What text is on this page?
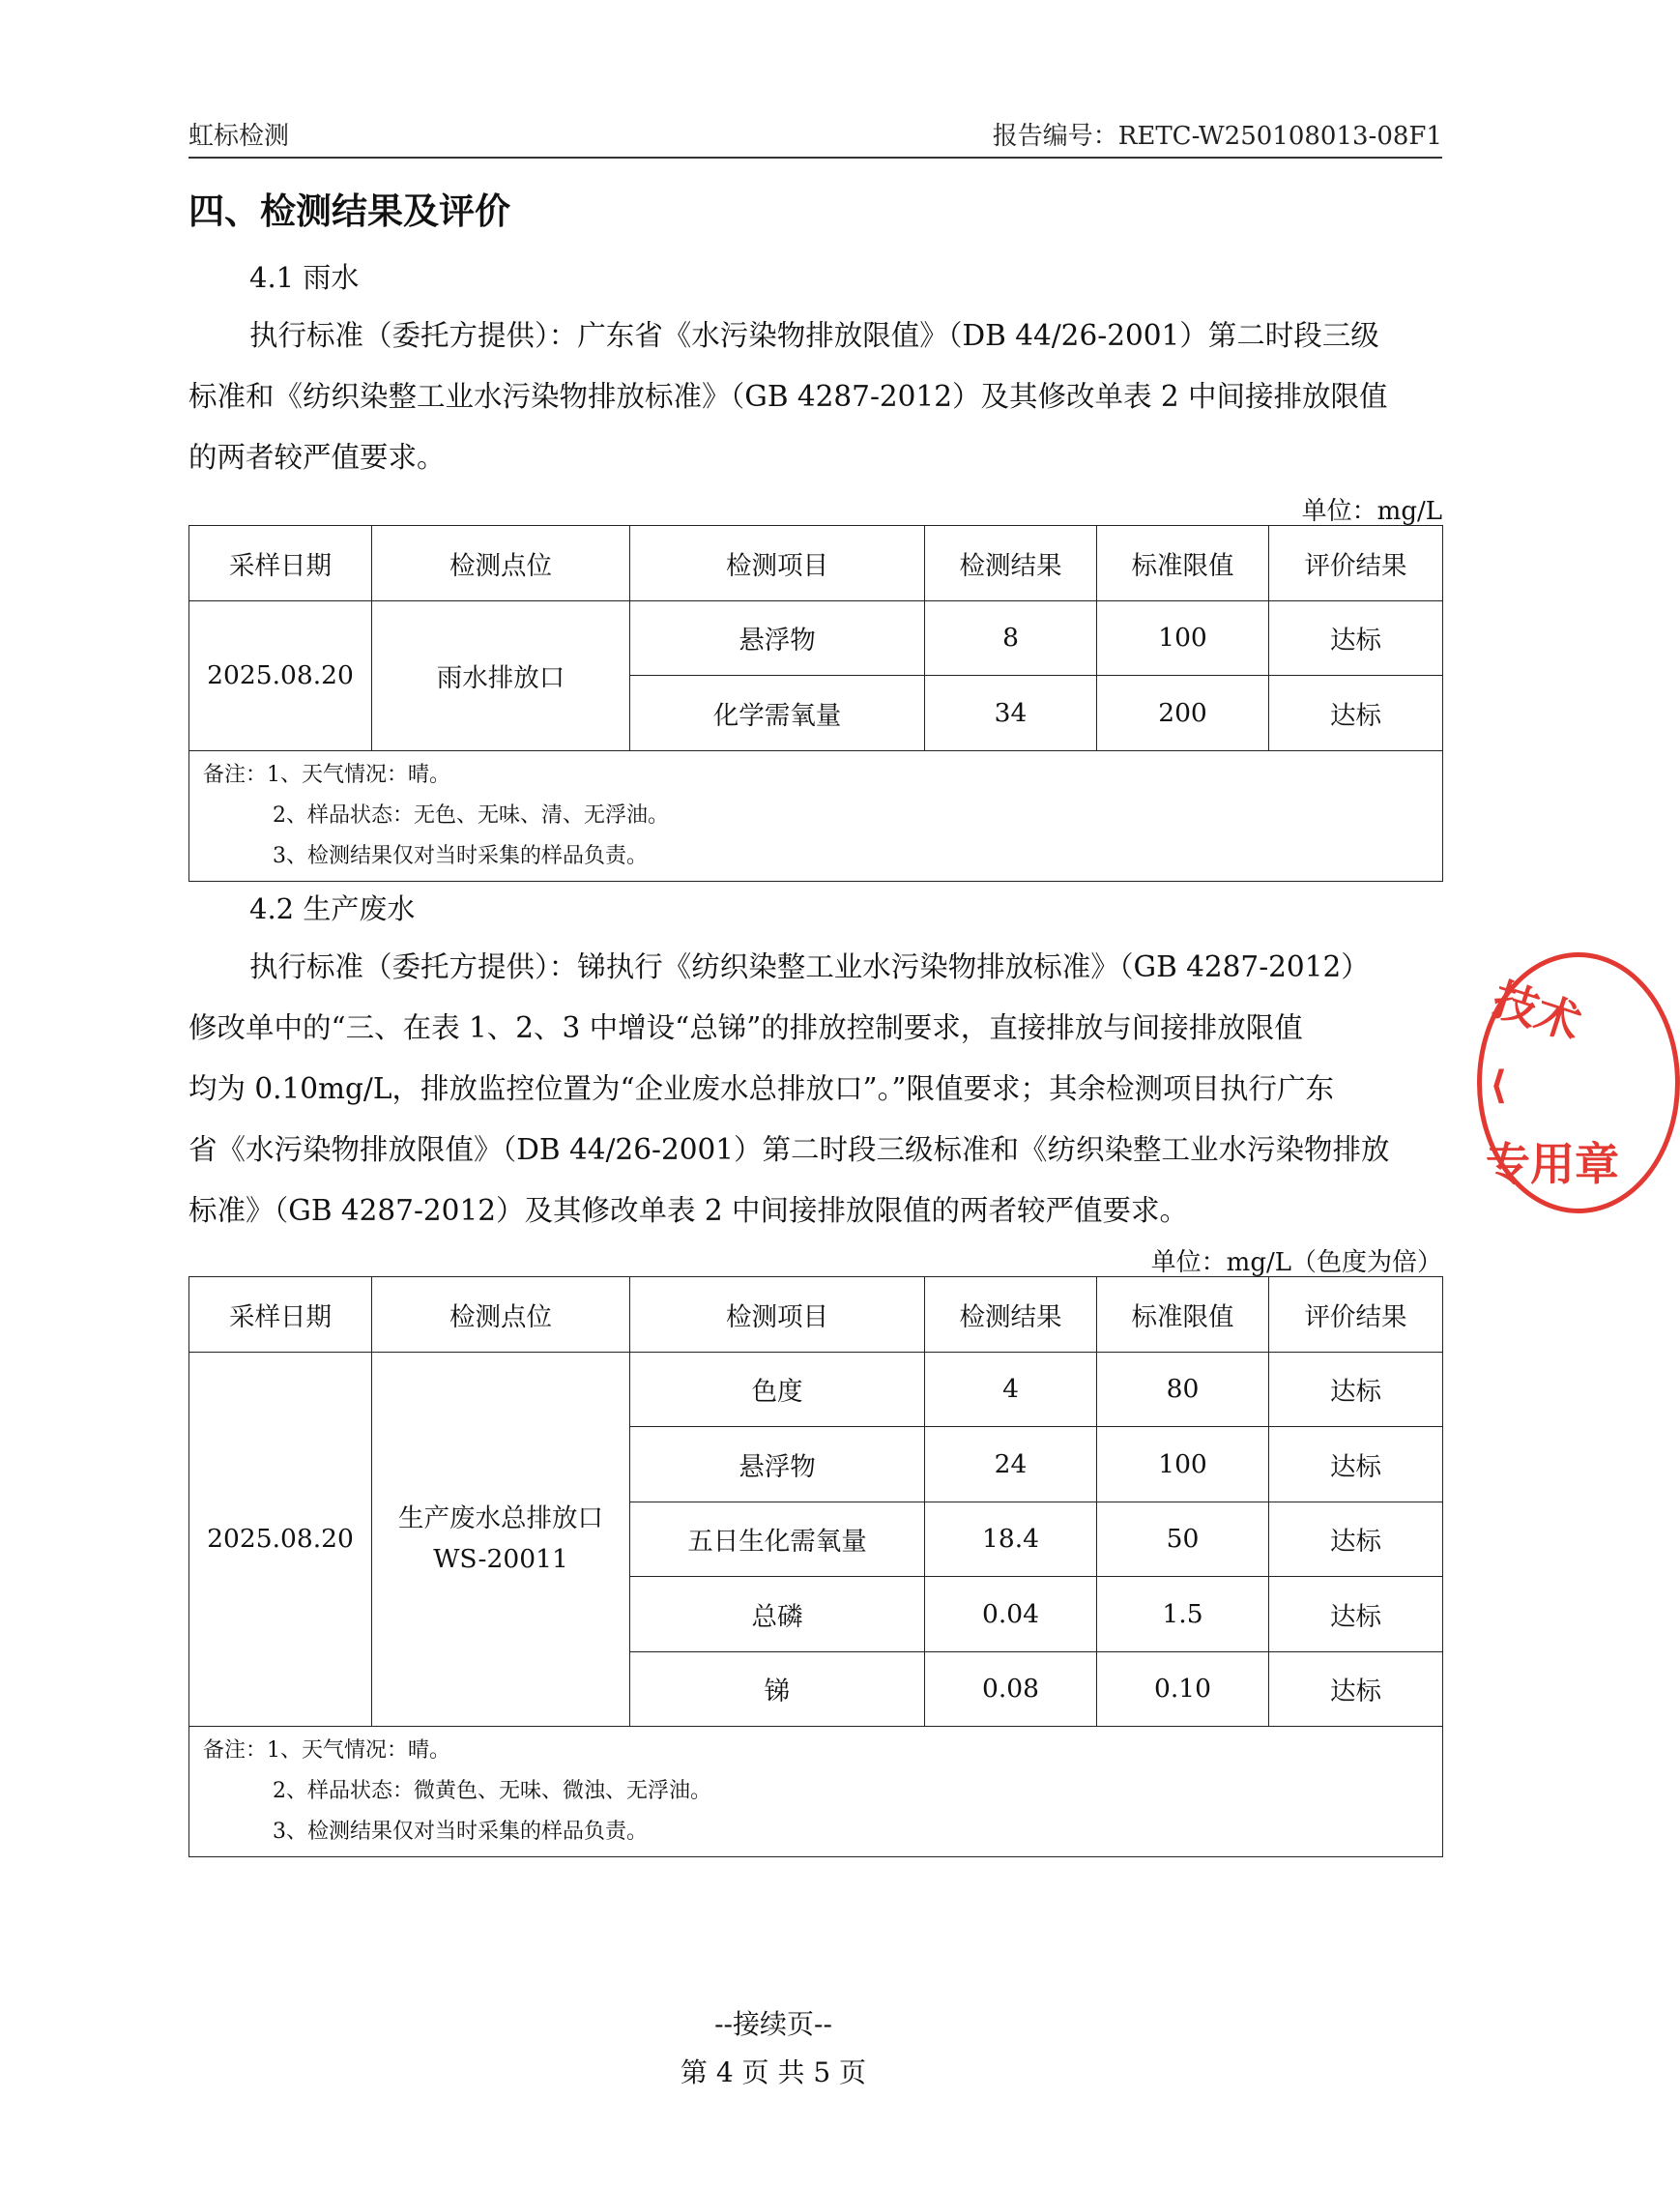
虹标检测	报告编号：RETC-W250108013-08F1
四、检测结果及评价
4.1 雨水
执行标准（委托方提供）：广东省《水污染物排放限值》（DB 44/26-2001）第二时段三级
标准和《纺织染整工业水污染物排放标准》（GB 4287-2012）及其修改单表 2 中间接排放限值
的两者较严值要求。
单位：mg/L
采样日期	检测点位	检测项目	检测结果	标准限值	评价结果
2025.08.20	雨水排放口	悬浮物	8	100	达标
		化学需氧量	34	200	达标

备注：1、天气情况：晴。
2、样品状态：无色、无味、清、无浮油。
3、检测结果仅对当时采集的样品负责。					
4.2 生产废水
执行标准（委托方提供）：锑执行《纺织染整工业水污染物排放标准》（GB 4287-2012）
修改单中的“三、在表 1、2、3 中增设“总锑”的排放控制要求，直接排放与间接排放限值
均为 0.10mg/L，排放监控位置为“企业废水总排放口”。”限值要求；其余检测项目执行广东
省《水污染物排放限值》（DB 44/26-2001）第二时段三级标准和《纺织染整工业水污染物排放
标准》（GB 4287-2012）及其修改单表 2 中间接排放限值的两者较严值要求。
单位：mg/L（色度为倍）
采样日期	检测点位	检测项目	检测结果	标准限值	评价结果
2025.08.20	生产废水总排放口
WS-20011	色度	4	80	达标
		悬浮物	24	100	达标
		五日生化需氧量	18.4	50	达标
		总磷	0.04	1.5	达标
		锑	0.08	0.10	达标

备注：1、天气情况：晴。
2、样品状态：微黄色、无味、微浊、无浮油。
3、检测结果仅对当时采集的样品负责。					
--接续页--
第 4 页 共 5 页
技术
⟨
专用章
